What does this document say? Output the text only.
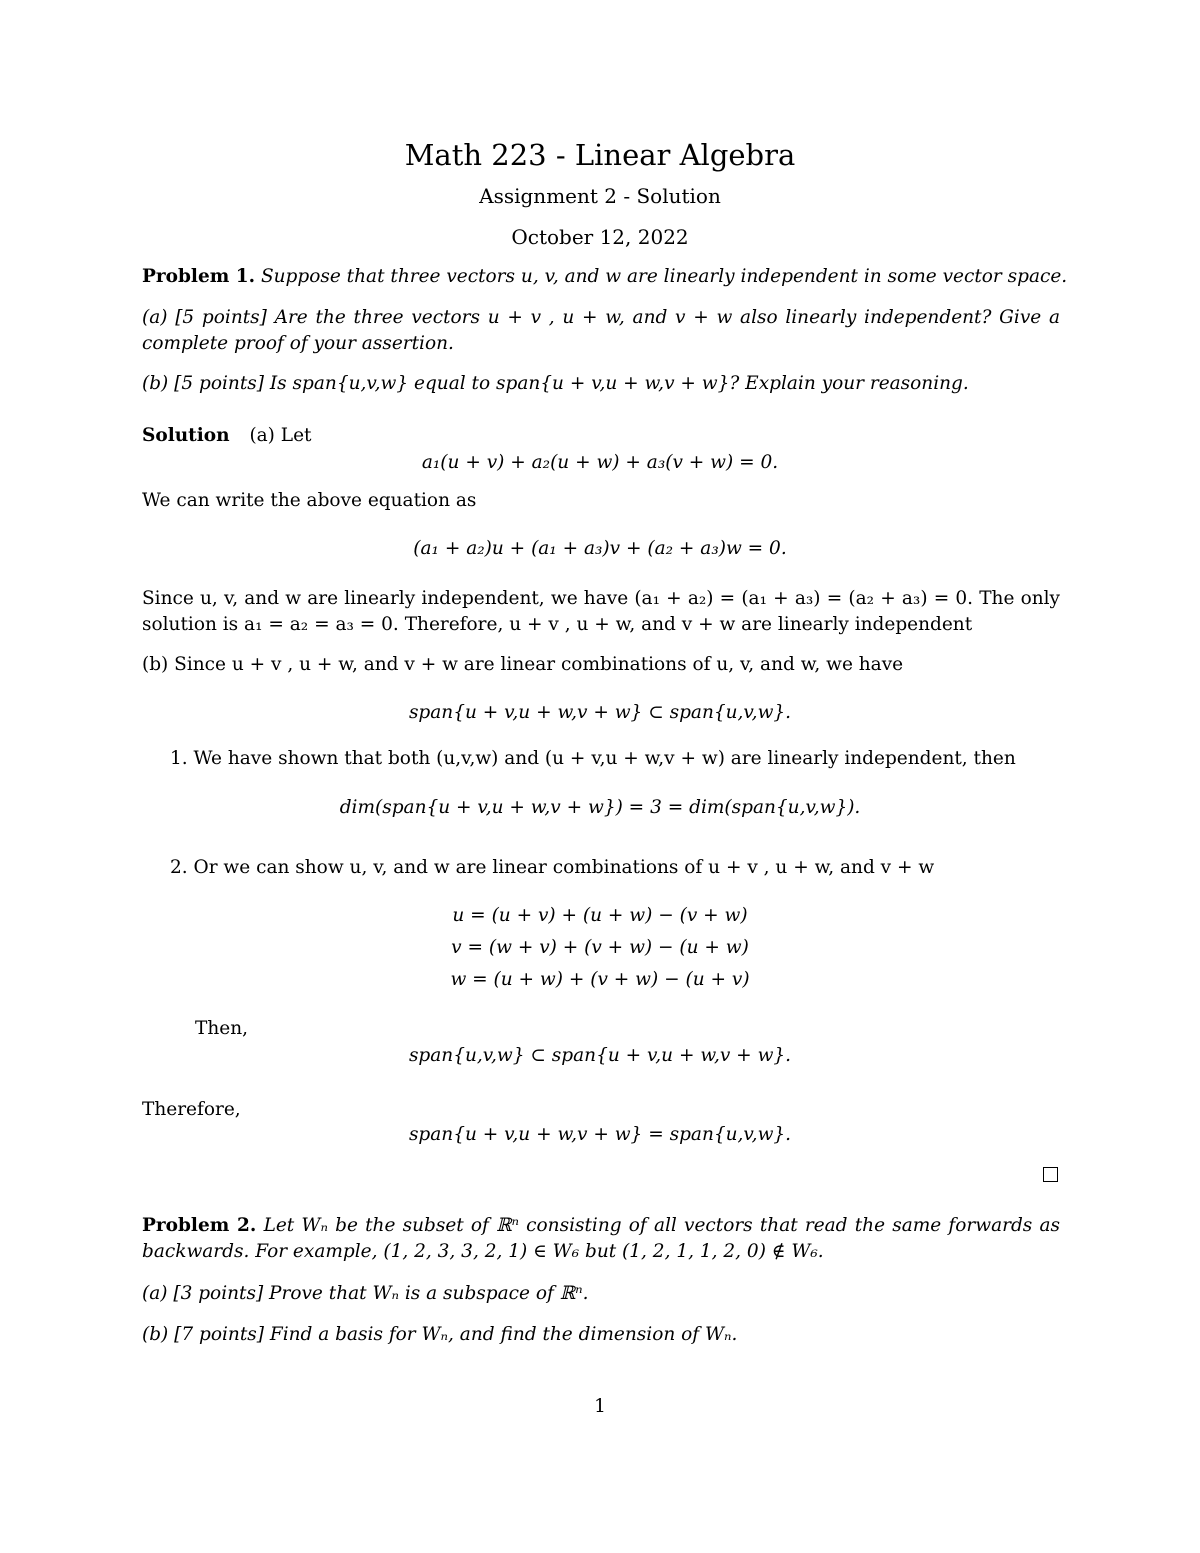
Math 223 - Linear Algebra
Assignment 2 - Solution
October 12, 2022
Problem 1. Suppose that three vectors u, v, and w are linearly independent in some vector space.
(a) [5 points] Are the three vectors u + v , u + w, and v + w also linearly independent? Give a complete proof of your assertion.
(b) [5 points] Is span{u,v,w} equal to span{u + v,u + w,v + w}? Explain your reasoning.
Solution (a) Let
a₁(u + v) + a₂(u + w) + a₃(v + w) = 0.
We can write the above equation as
(a₁ + a₂)u + (a₁ + a₃)v + (a₂ + a₃)w = 0.
Since u, v, and w are linearly independent, we have (a₁ + a₂) = (a₁ + a₃) = (a₂ + a₃) = 0. The only solution is a₁ = a₂ = a₃ = 0. Therefore, u + v , u + w, and v + w are linearly independent
(b) Since u + v , u + w, and v + w are linear combinations of u, v, and w, we have
span{u + v,u + w,v + w} ⊂ span{u,v,w}.
1. We have shown that both (u,v,w) and (u + v,u + w,v + w) are linearly independent, then
dim(span{u + v,u + w,v + w}) = 3 = dim(span{u,v,w}).
2. Or we can show u, v, and w are linear combinations of u + v , u + w, and v + w
u = (u + v) + (u + w) − (v + w)
v = (w + v) + (v + w) − (u + w)
w = (u + w) + (v + w) − (u + v)
Then,
span{u,v,w} ⊂ span{u + v,u + w,v + w}.
Therefore,
span{u + v,u + w,v + w} = span{u,v,w}.
Problem 2. Let Wₙ be the subset of ℝⁿ consisting of all vectors that read the same forwards as backwards. For example, (1, 2, 3, 3, 2, 1) ∈ W₆ but (1, 2, 1, 1, 2, 0) ∉ W₆.
(a) [3 points] Prove that Wₙ is a subspace of ℝⁿ.
(b) [7 points] Find a basis for Wₙ, and find the dimension of Wₙ.
1
